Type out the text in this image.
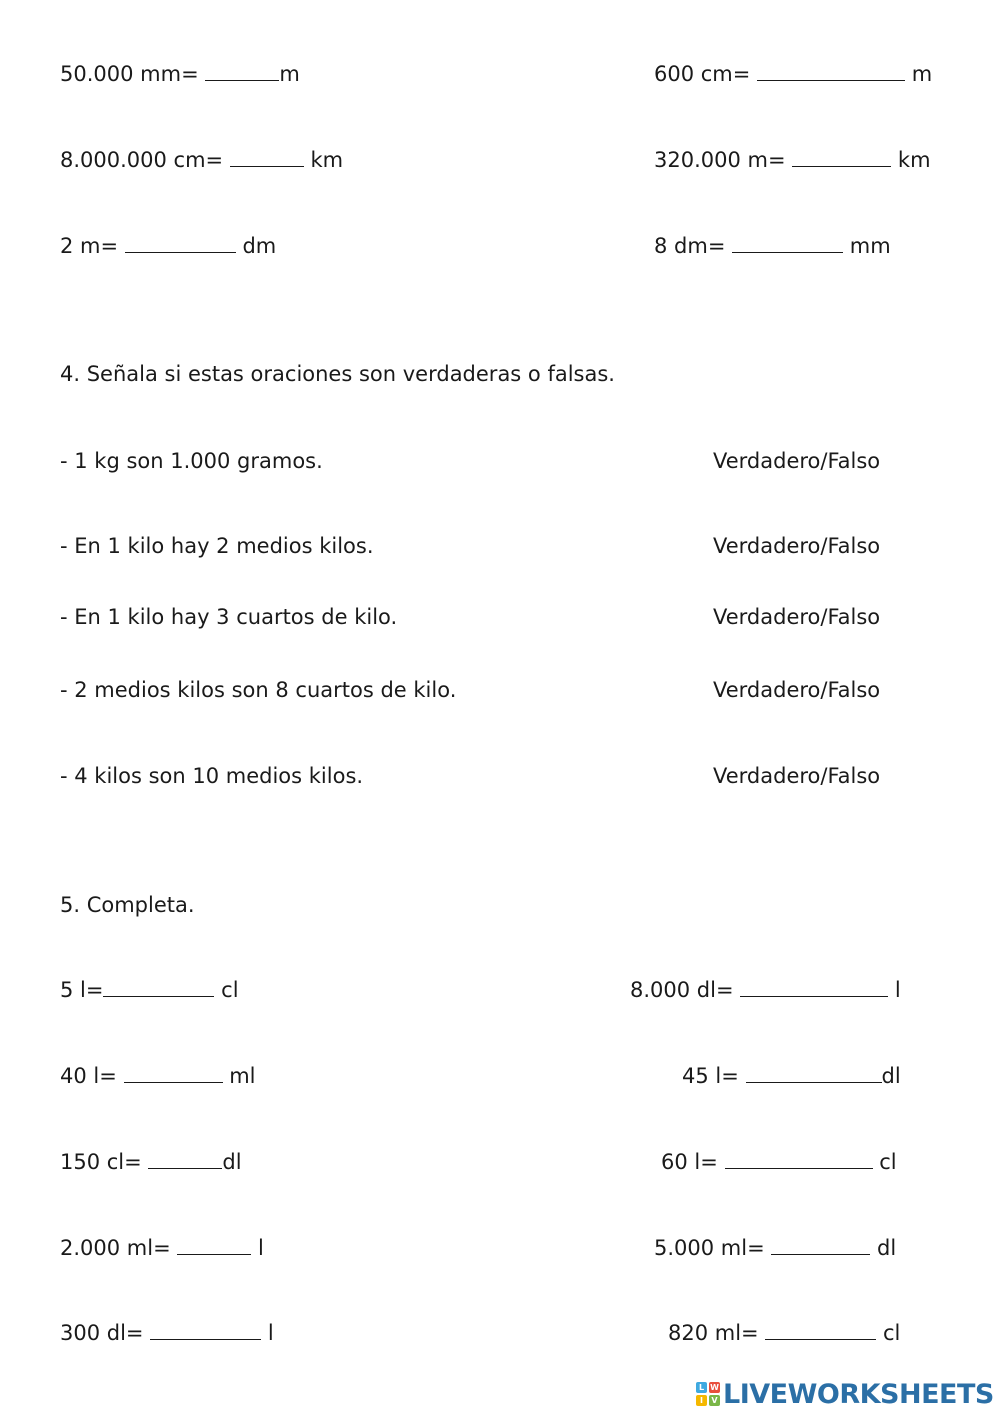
50.000 mm=	m	600 cm=	m
8.000.000 cm=	km	320.000 m=	km
2 m=	dm	8 dm=	mm
4. Señala si estas oraciones son verdaderas o falsas.
- 1 kg son 1.000 gramos.	Verdadero/Falso
- En 1 kilo hay 2 medios kilos.	Verdadero/Falso
- En 1 kilo hay 3 cuartos de kilo.	Verdadero/Falso
- 2 medios kilos son 8 cuartos de kilo.	Verdadero/Falso
- 4 kilos son 10 medios kilos.	Verdadero/Falso
5. Completa.
5 l=	cl	8.000 dl=	l
40 l=	ml	45 l=	dl
150 cl=	dl	60 l=	cl
2.000 ml=	l	5.000 ml=	dl
300 dl=	l	820 ml=	cl
L W
I	V LIVEWORKSHEETS
